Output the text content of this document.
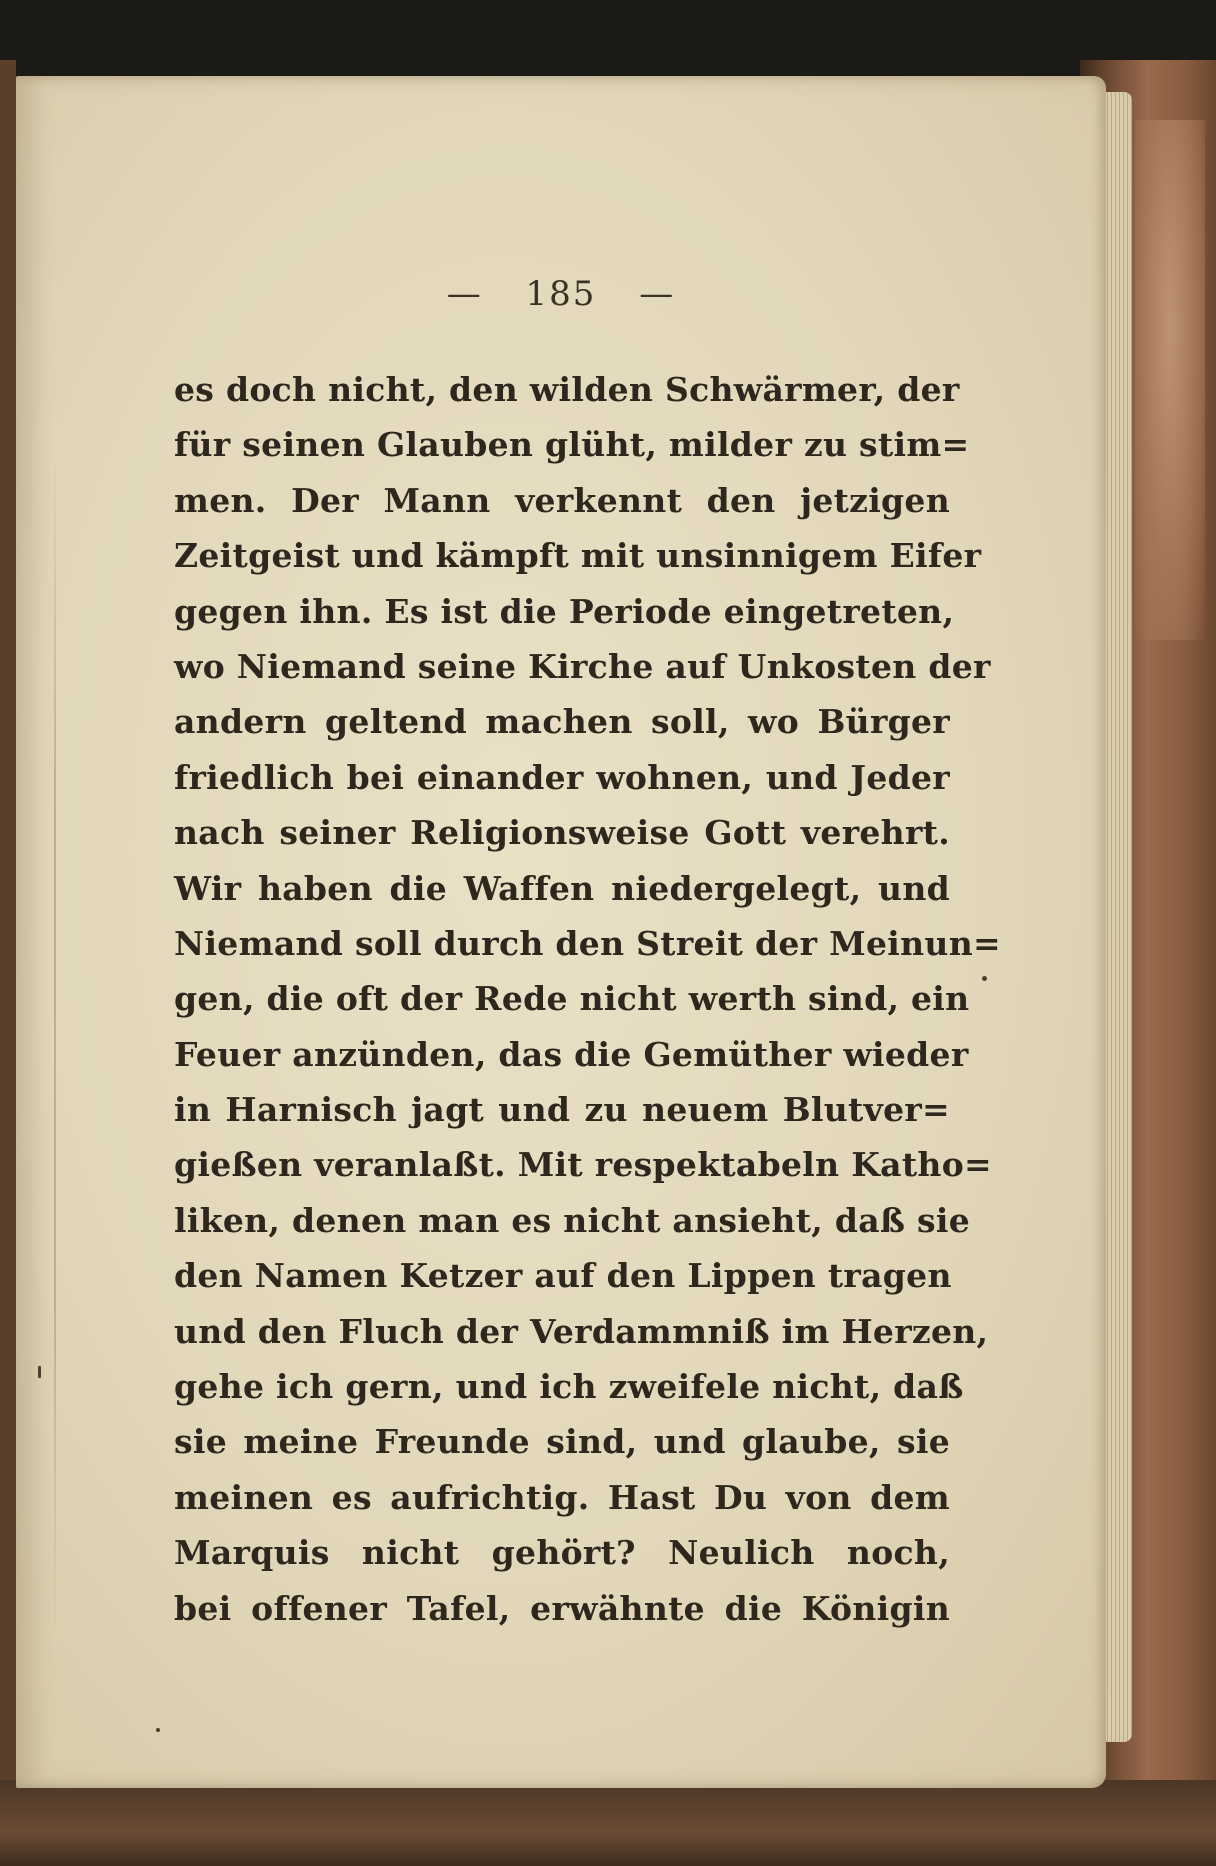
— 185 —
es doch nicht, den wilden Schwärmer, der
für seinen Glauben glüht, milder zu stim=
men. Der Mann verkennt den jetzigen
Zeitgeist und kämpft mit unsinnigem Eifer
gegen ihn. Es ist die Periode eingetreten,
wo Niemand seine Kirche auf Unkosten der
andern geltend machen soll, wo Bürger
friedlich bei einander wohnen, und Jeder
nach seiner Religionsweise Gott verehrt.
Wir haben die Waffen niedergelegt, und
Niemand soll durch den Streit der Meinun=
gen, die oft der Rede nicht werth sind, ein
Feuer anzünden, das die Gemüther wieder
in Harnisch jagt und zu neuem Blutver=
gießen veranlaßt. Mit respektabeln Katho=
liken, denen man es nicht ansieht, daß sie
den Namen Ketzer auf den Lippen tragen
und den Fluch der Verdammniß im Herzen,
gehe ich gern, und ich zweifele nicht, daß
sie meine Freunde sind, und glaube, sie
meinen es aufrichtig. Hast Du von dem
Marquis nicht gehört? Neulich noch,
bei offener Tafel, erwähnte die Königin
